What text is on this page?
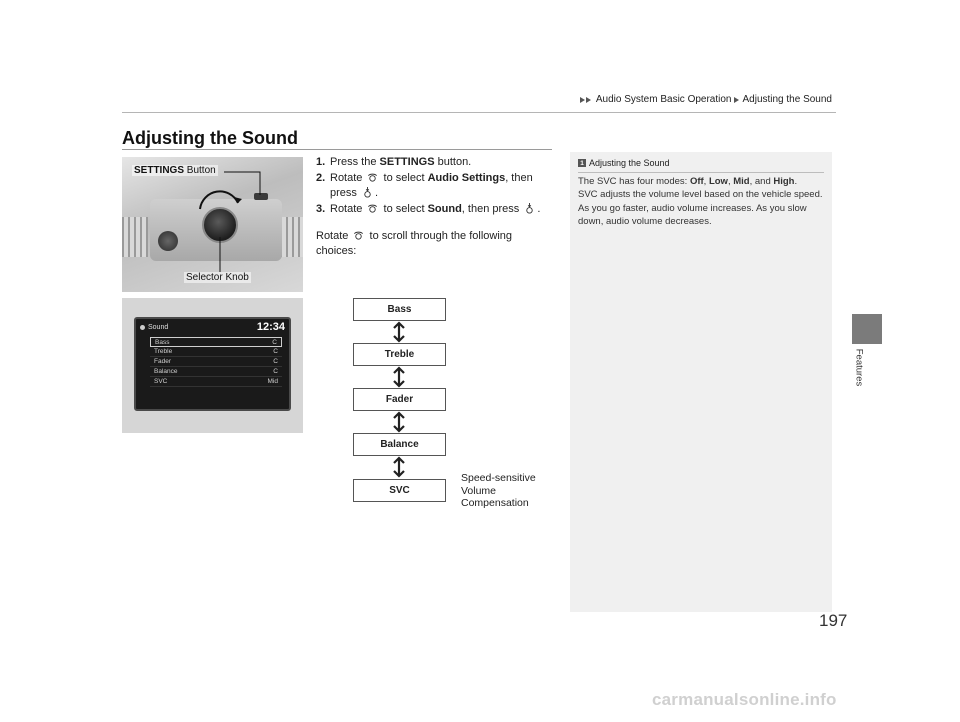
Audio System Basic Operation Adjusting the Sound
Features
Adjusting the Sound
SETTINGS Button
Selector Knob
Sound	12:34
Bass	C
Treble	C
Fader	C
Balance	C
SVC	Mid
1. Press the SETTINGS button.
2. Rotate to select Audio Settings, then
press .
3. Rotate to select Sound, then press .
Rotate to scroll through the following
choices:
Bass
Treble
Fader
Balance
SVC
Speed-sensitive
Volume
Compensation
1 Adjusting the Sound

The SVC has four modes: Off, Low, Mid, and High.

SVC adjusts the volume level based on the vehicle speed. As you go faster, audio volume increases. As you slow down, audio volume decreases.

197
carmanualsonline.info
